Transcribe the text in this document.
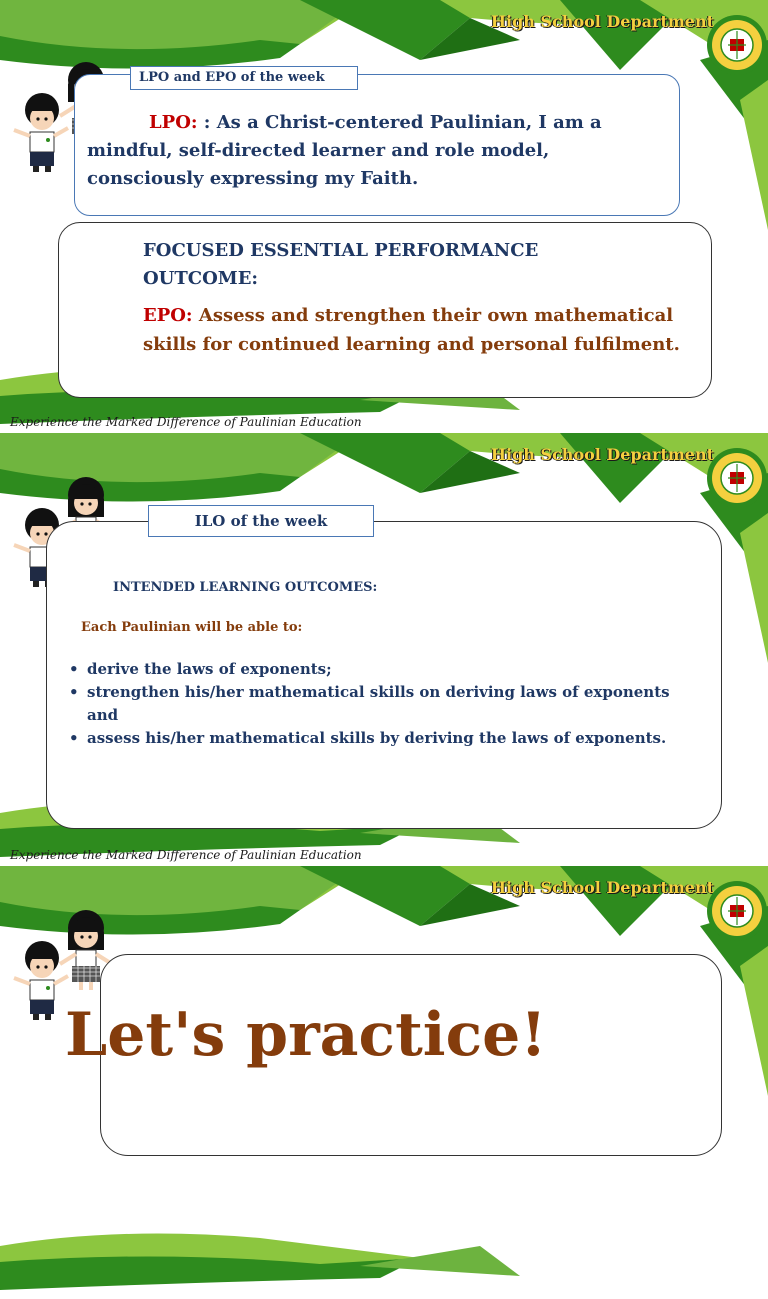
High School Department
LPO: : As a Christ-centered Paulinian, I am a mindful, self-directed learner and role model, consciously expressing my Faith.
LPO and EPO of the week
FOCUSED ESSENTIAL PERFORMANCE OUTCOME:
EPO: Assess and strengthen their own mathematical skills for continued learning and personal fulfilment.
Experience the Marked Difference of Paulinian Education
High School Department
INTENDED LEARNING OUTCOMES:
Each Paulinian will be able to:
• derive the laws of exponents;
• strengthen his/her mathematical skills on deriving laws of exponents and
• assess his/her mathematical skills by deriving the laws of exponents.
ILO of the week
Experience the Marked Difference of Paulinian Education
High School Department
Let's practice!
